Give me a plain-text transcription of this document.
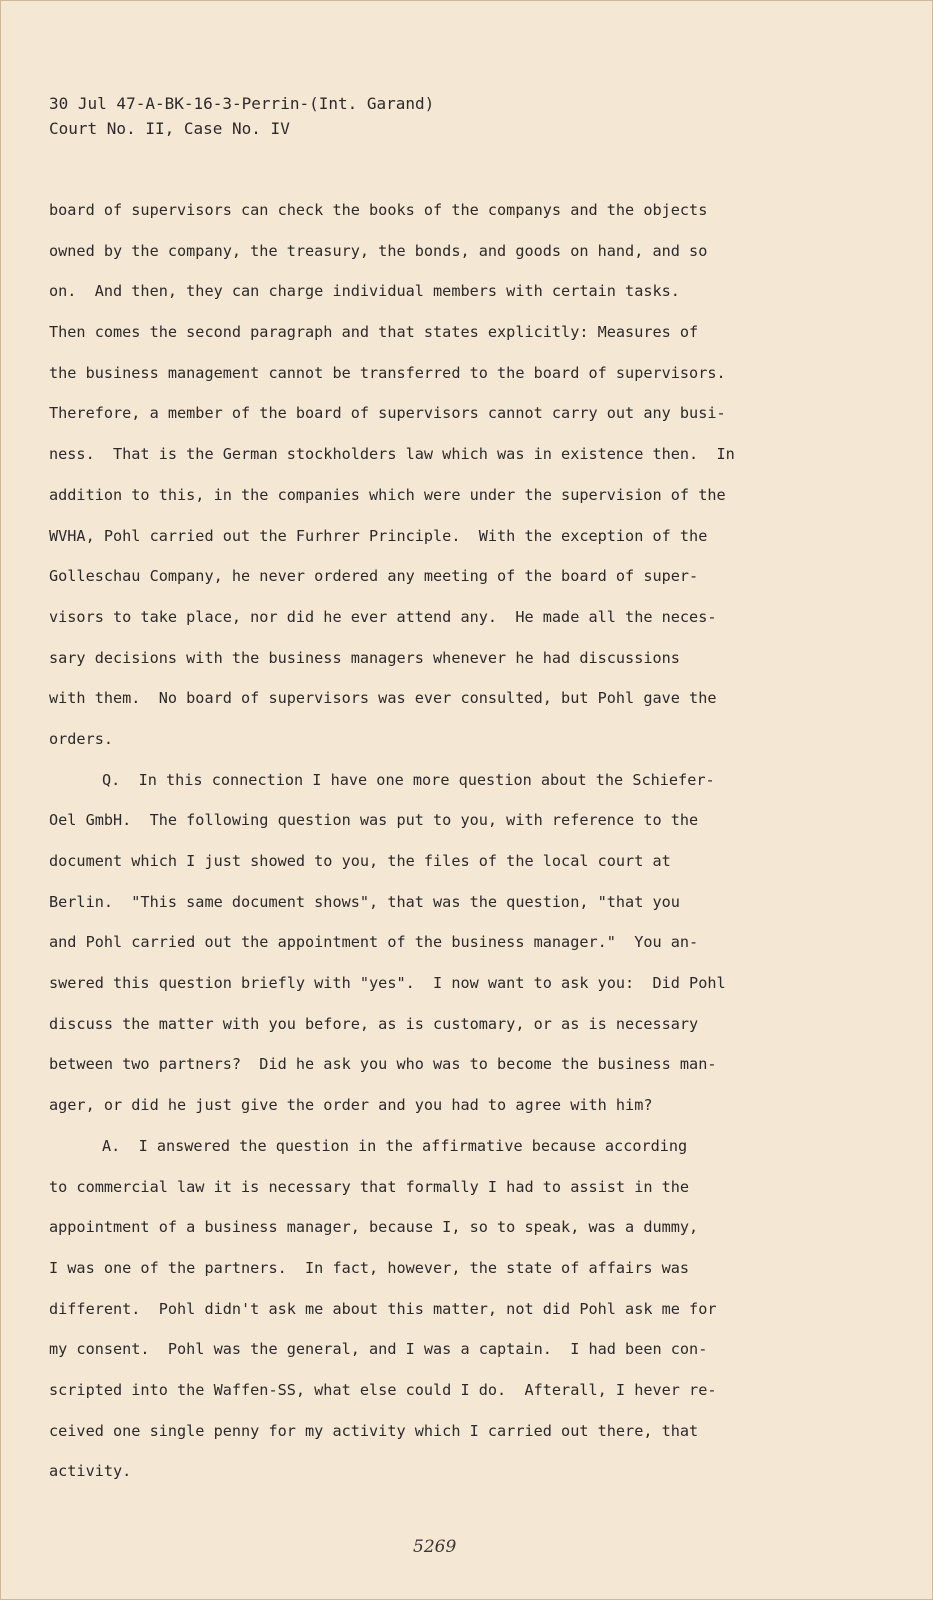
30 Jul 47-A-BK-16-3-Perrin-(Int. Garand)
Court No. II, Case No. IV
board of supervisors can check the books of the companys and the objects
owned by the company, the treasury, the bonds, and goods on hand, and so
on.  And then, they can charge individual members with certain tasks.
Then comes the second paragraph and that states explicitly: Measures of
the business management cannot be transferred to the board of supervisors.
Therefore, a member of the board of supervisors cannot carry out any busi-
ness.  That is the German stockholders law which was in existence then.  In
addition to this, in the companies which were under the supervision of the
WVHA, Pohl carried out the Furhrer Principle.  With the exception of the
Golleschau Company, he never ordered any meeting of the board of super-
visors to take place, nor did he ever attend any.  He made all the neces-
sary decisions with the business managers whenever he had discussions
with them.  No board of supervisors was ever consulted, but Pohl gave the
orders.
Q.  In this connection I have one more question about the Schiefer-
Oel GmbH.  The following question was put to you, with reference to the
document which I just showed to you, the files of the local court at
Berlin.  "This same document shows", that was the question, "that you
and Pohl carried out the appointment of the business manager."  You an-
swered this question briefly with "yes".  I now want to ask you:  Did Pohl
discuss the matter with you before, as is customary, or as is necessary
between two partners?  Did he ask you who was to become the business man-
ager, or did he just give the order and you had to agree with him?
A.  I answered the question in the affirmative because according
to commercial law it is necessary that formally I had to assist in the
appointment of a business manager, because I, so to speak, was a dummy,
I was one of the partners.  In fact, however, the state of affairs was
different.  Pohl didn't ask me about this matter, not did Pohl ask me for
my consent.  Pohl was the general, and I was a captain.  I had been con-
scripted into the Waffen-SS, what else could I do.  Afterall, I hever re-
ceived one single penny for my activity which I carried out there, that
activity.
5269
